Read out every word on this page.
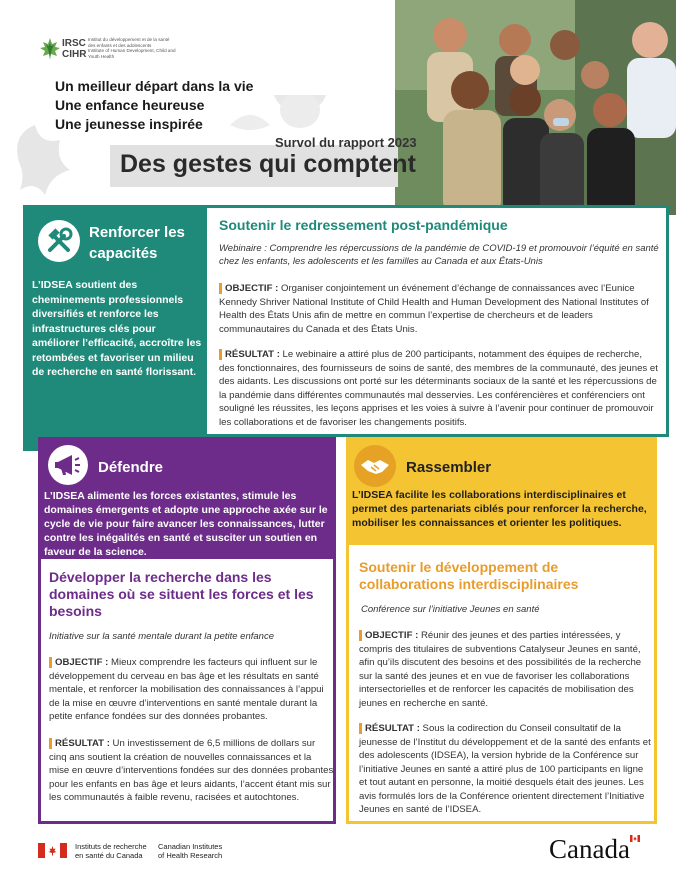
IRSC
CIHR
Institut du développement et de la santé des enfants et des adolescents
Institute of Human Development, Child and Youth Health
Un meilleur départ dans la vie
Une enfance heureuse
Une jeunesse inspirée
Survol du rapport 2023
Des gestes qui comptent
Renforcer les
capacités
L’IDSEA soutient des cheminements professionnels diversifiés et renforce les infrastructures clés pour améliorer l’efficacité, accroître les retombées et favoriser un milieu de recherche en santé florissant.
Soutenir le redressement post-pandémique
Webinaire : Comprendre les répercussions de la pandémie de COVID-19 et promouvoir l’équité en santé chez les enfants, les adolescents et les familles au Canada et aux États-Unis

OBJECTIF : Organiser conjointement un événement d’échange de connaissances avec l’Eunice Kennedy Shriver National Institute of Child Health and Human Development des National Institutes of Health des États Unis afin de mettre en commun l’expertise de chercheurs et de leaders communautaires du Canada et des États Unis.

RÉSULTAT : Le webinaire a attiré plus de 200 participants, notamment des équipes de recherche, des fonctionnaires, des fournisseurs de soins de santé, des membres de la communauté, des jeunes et des aidants. Les discussions ont porté sur les déterminants sociaux de la santé et les répercussions de la pandémie dans différentes communautés mal desservies. Les conférencières et conférenciers ont souligné les réussites, les leçons apprises et les voies à suivre à l’avenir pour continuer de promouvoir les collaborations et de favoriser les changements positifs.

Défendre
L’IDSEA alimente les forces existantes, stimule les domaines émergents et adopte une approche axée sur le cycle de vie pour faire avancer les connaissances, lutter contre les inégalités en santé et susciter un soutien en faveur de la science.
Développer la recherche dans les domaines où se situent les forces et les besoins
Initiative sur la santé mentale durant la petite enfance

OBJECTIF : Mieux comprendre les facteurs qui influent sur le développement du cerveau en bas âge et les résultats en santé mentale, et renforcer la mobilisation des connaissances à l’appui de la mise en œuvre d’interventions en santé mentale durant la petite enfance fondées sur des données probantes.

RÉSULTAT : Un investissement de 6,5 millions de dollars sur cinq ans soutient la création de nouvelles connaissances et la mise en œuvre d’interventions fondées sur des données probantes pour les enfants en bas âge et leurs aidants, l’accent étant mis sur les communautés à faible revenu, racisées et autochtones.

Rassembler
L’IDSEA facilite les collaborations interdisciplinaires et permet des partenariats ciblés pour renforcer la recherche, mobiliser les connaissances et orienter les politiques.
Soutenir le développement de collaborations interdisciplinaires
Conférence sur l’initiative Jeunes en santé

OBJECTIF : Réunir des jeunes et des parties intéressées, y compris des titulaires de subventions Catalyseur Jeunes en santé, afin qu’ils discutent des besoins et des possibilités de la recherche sur la santé des jeunes et en vue de favoriser les collaborations intersectorielles et de renforcer les capacités de mobilisation des jeunes en recherche en santé.

RÉSULTAT : Sous la codirection du Conseil consultatif de la jeunesse de l’Institut du développement et de la santé des enfants et des adolescents (IDSEA), la version hybride de la Conférence sur l’initiative Jeunes en santé a attiré plus de 100 participants en ligne et tout autant en personne, la moitié desquels était des jeunes. Les avis formulés lors de la Conférence orientent directement l’Initiative Jeunes en santé de l’IDSEA.

Instituts de recherche
en santé du Canada
Canadian Institutes
of Health Research	Canada
